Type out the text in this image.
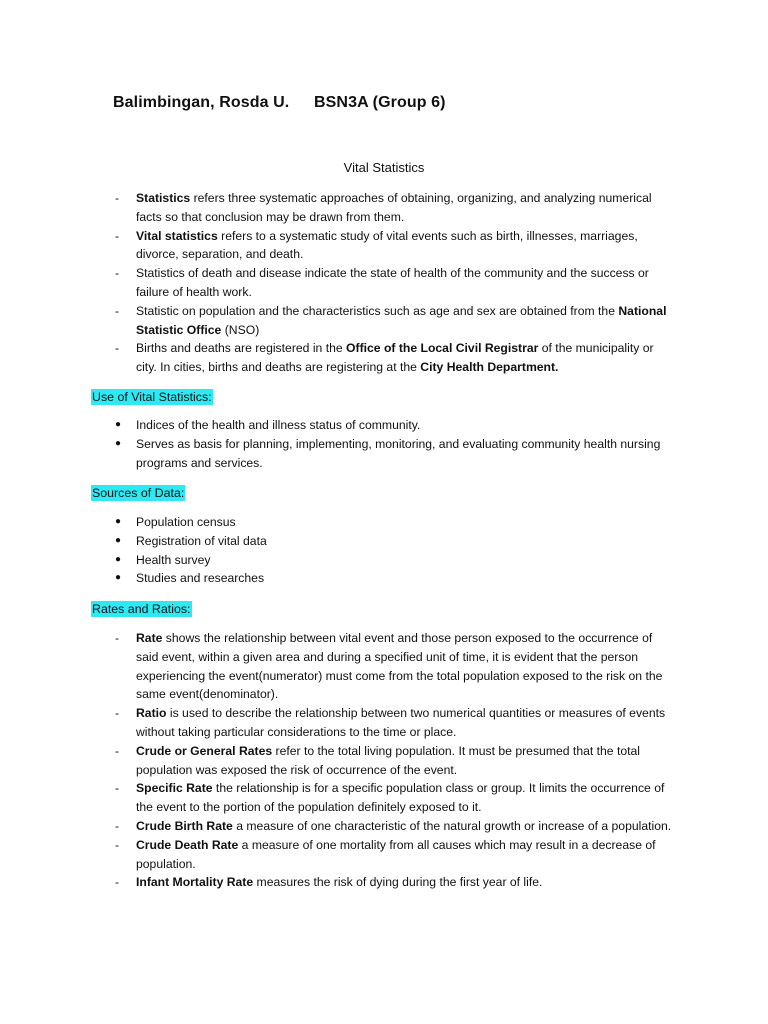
Balimbingan, Rosda U. BSN3A (Group 6)
Vital Statistics
- Statistics refers three systematic approaches of obtaining, organizing, and analyzing numerical facts so that conclusion may be drawn from them.
- Vital statistics refers to a systematic study of vital events such as birth, illnesses, marriages, divorce, separation, and death.
- Statistics of death and disease indicate the state of health of the community and the success or failure of health work.
- Statistic on population and the characteristics such as age and sex are obtained from the National Statistic Office (NSO)
- Births and deaths are registered in the Office of the Local Civil Registrar of the municipality or city. In cities, births and deaths are registering at the City Health Department.
Use of Vital Statistics:
● Indices of the health and illness status of community.
● Serves as basis for planning, implementing, monitoring, and evaluating community health nursing programs and services.
Sources of Data:
● Population census
● Registration of vital data
● Health survey
● Studies and researches
Rates and Ratios:
- Rate shows the relationship between vital event and those person exposed to the occurrence of said event, within a given area and during a specified unit of time, it is evident that the person experiencing the event(numerator) must come from the total population exposed to the risk on the same event(denominator).
- Ratio is used to describe the relationship between two numerical quantities or measures of events without taking particular considerations to the time or place.
- Crude or General Rates refer to the total living population. It must be presumed that the total population was exposed the risk of occurrence of the event.
- Specific Rate the relationship is for a specific population class or group. It limits the occurrence of the event to the portion of the population definitely exposed to it.
- Crude Birth Rate a measure of one characteristic of the natural growth or increase of a population.
- Crude Death Rate a measure of one mortality from all causes which may result in a decrease of population.
- Infant Mortality Rate measures the risk of dying during the first year of life.
